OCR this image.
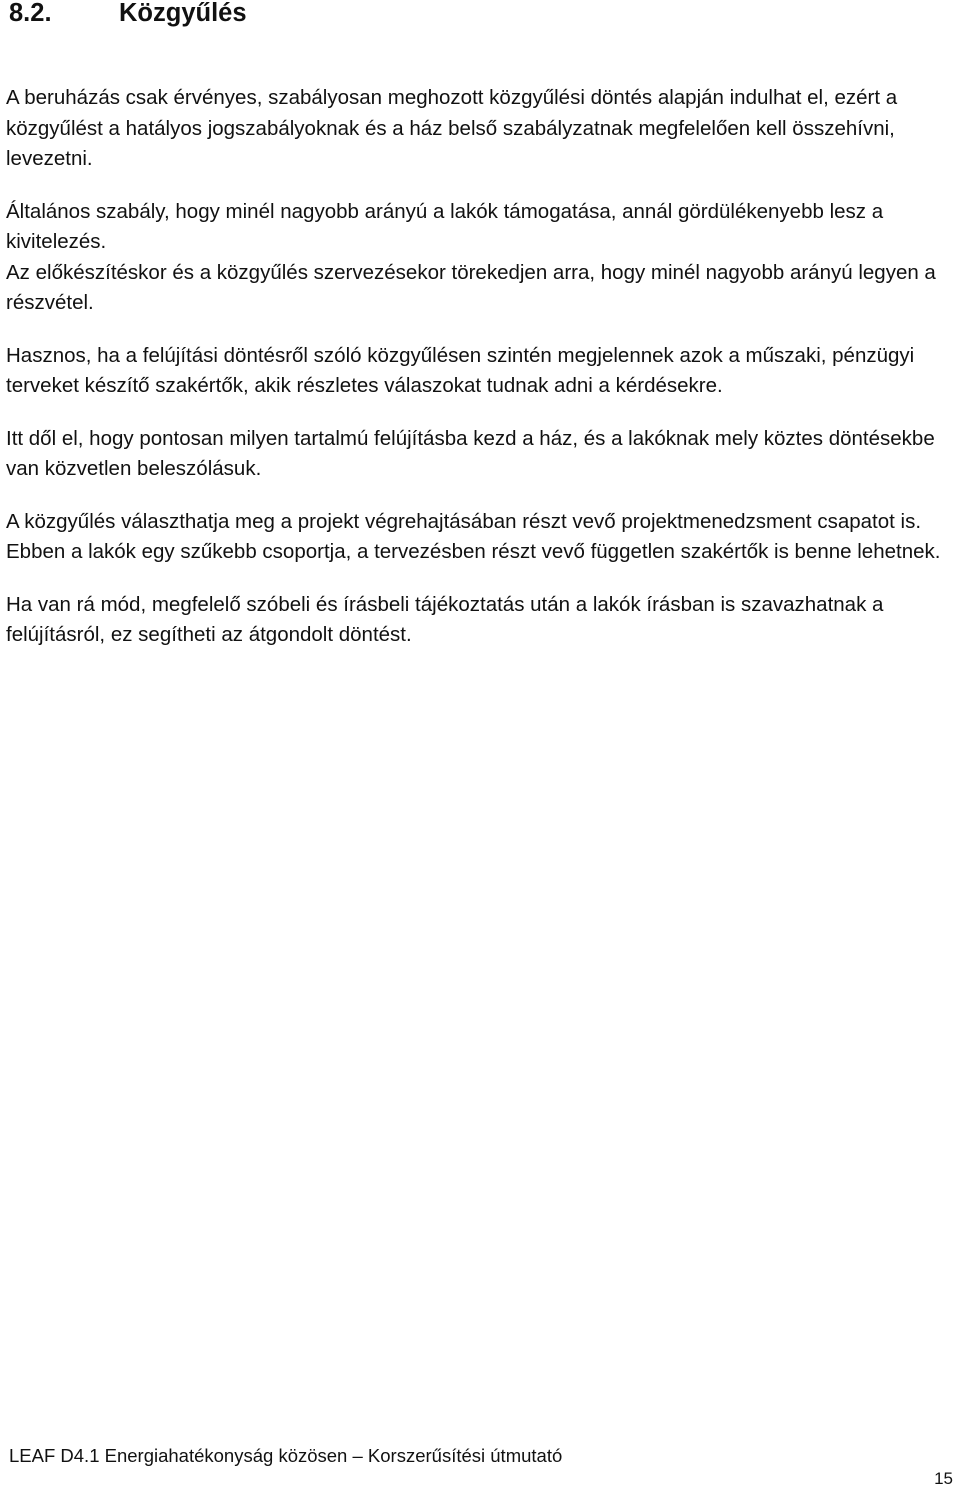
8.2.	Közgyűlés

A beruházás csak érvényes, szabályosan meghozott közgyűlési döntés alapján indulhat el, ezért a közgyűlést a hatályos jogszabályoknak és a ház belső szabályzatnak megfelelően kell összehívni, levezetni.

Általános szabály, hogy minél nagyobb arányú a lakók támogatása, annál gördülékenyebb lesz a kivitelezés.

Az előkészítéskor és a közgyűlés szervezésekor törekedjen arra, hogy minél nagyobb arányú legyen a részvétel.

Hasznos, ha a felújítási döntésről szóló közgyűlésen szintén megjelennek azok a műszaki, pénzügyi terveket készítő szakértők, akik részletes válaszokat tudnak adni a kérdésekre.

Itt dől el, hogy pontosan milyen tartalmú felújításba kezd a ház, és a lakóknak mely köztes döntésekbe van közvetlen beleszólásuk.

A közgyűlés választhatja meg a projekt végrehajtásában részt vevő projektmenedzsment csapatot is. Ebben a lakók egy szűkebb csoportja, a tervezésben részt vevő független szakértők is benne lehetnek.

Ha van rá mód, megfelelő szóbeli és írásbeli tájékoztatás után a lakók írásban is szavazhatnak a felújításról, ez segítheti az átgondolt döntést.

LEAF D4.1 Energiahatékonyság közösen – Korszerűsítési útmutató
15
